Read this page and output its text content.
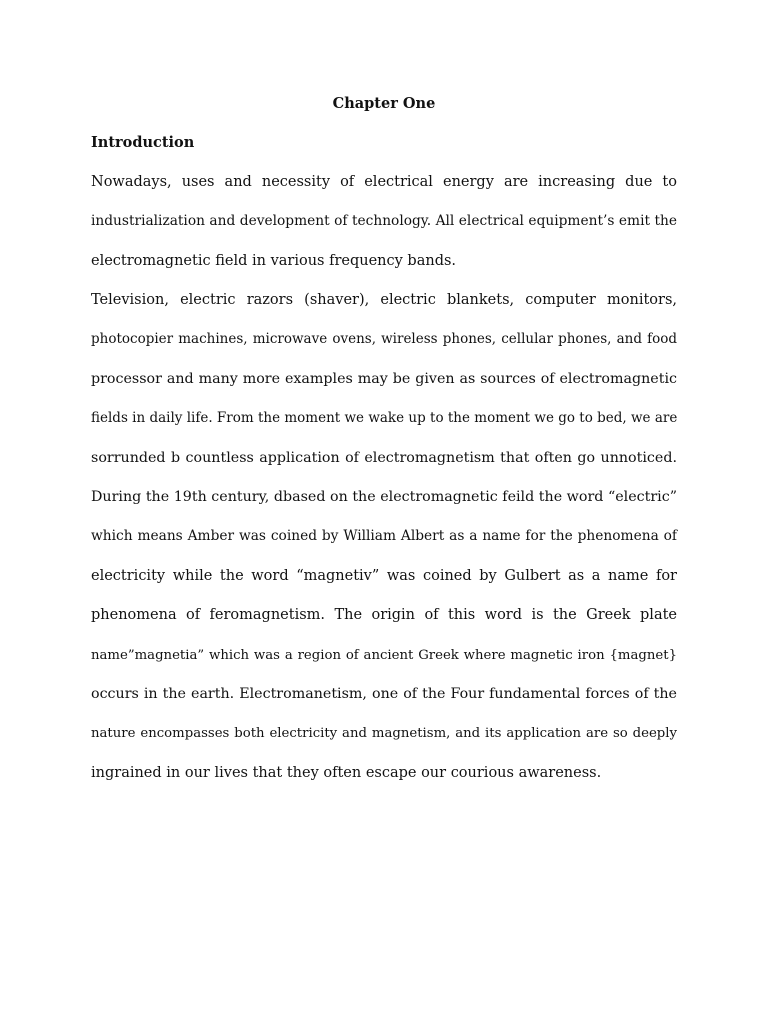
Chapter One
Introduction

Nowadays, uses and necessity of electrical energy are increasing due to
industrialization and development of technology. All electrical equipment’s emit the
electromagnetic field in various frequency bands.

Television, electric razors (shaver), electric blankets, computer monitors,
photocopier machines, microwave ovens, wireless phones, cellular phones, and food
processor and many more examples may be given as sources of electromagnetic
fields in daily life. From the moment we wake up to the moment we go to bed, we are
sorrunded b countless application of electromagnetism that often go unnoticed.
During the 19th century, dbased on the electromagnetic feild the word “electric”
which means Amber was coined by William Albert as a name for the phenomena of
electricity while the word “magnetiv” was coined by Gulbert as a name for
phenomena of feromagnetism. The origin of this word is the Greek plate
name”magnetia” which was a region of ancient Greek where magnetic iron {magnet}
occurs in the earth. Electromanetism, one of the Four fundamental forces of the
nature encompasses both electricity and magnetism, and its application are so deeply
ingrained in our lives that they often escape our courious awareness.
